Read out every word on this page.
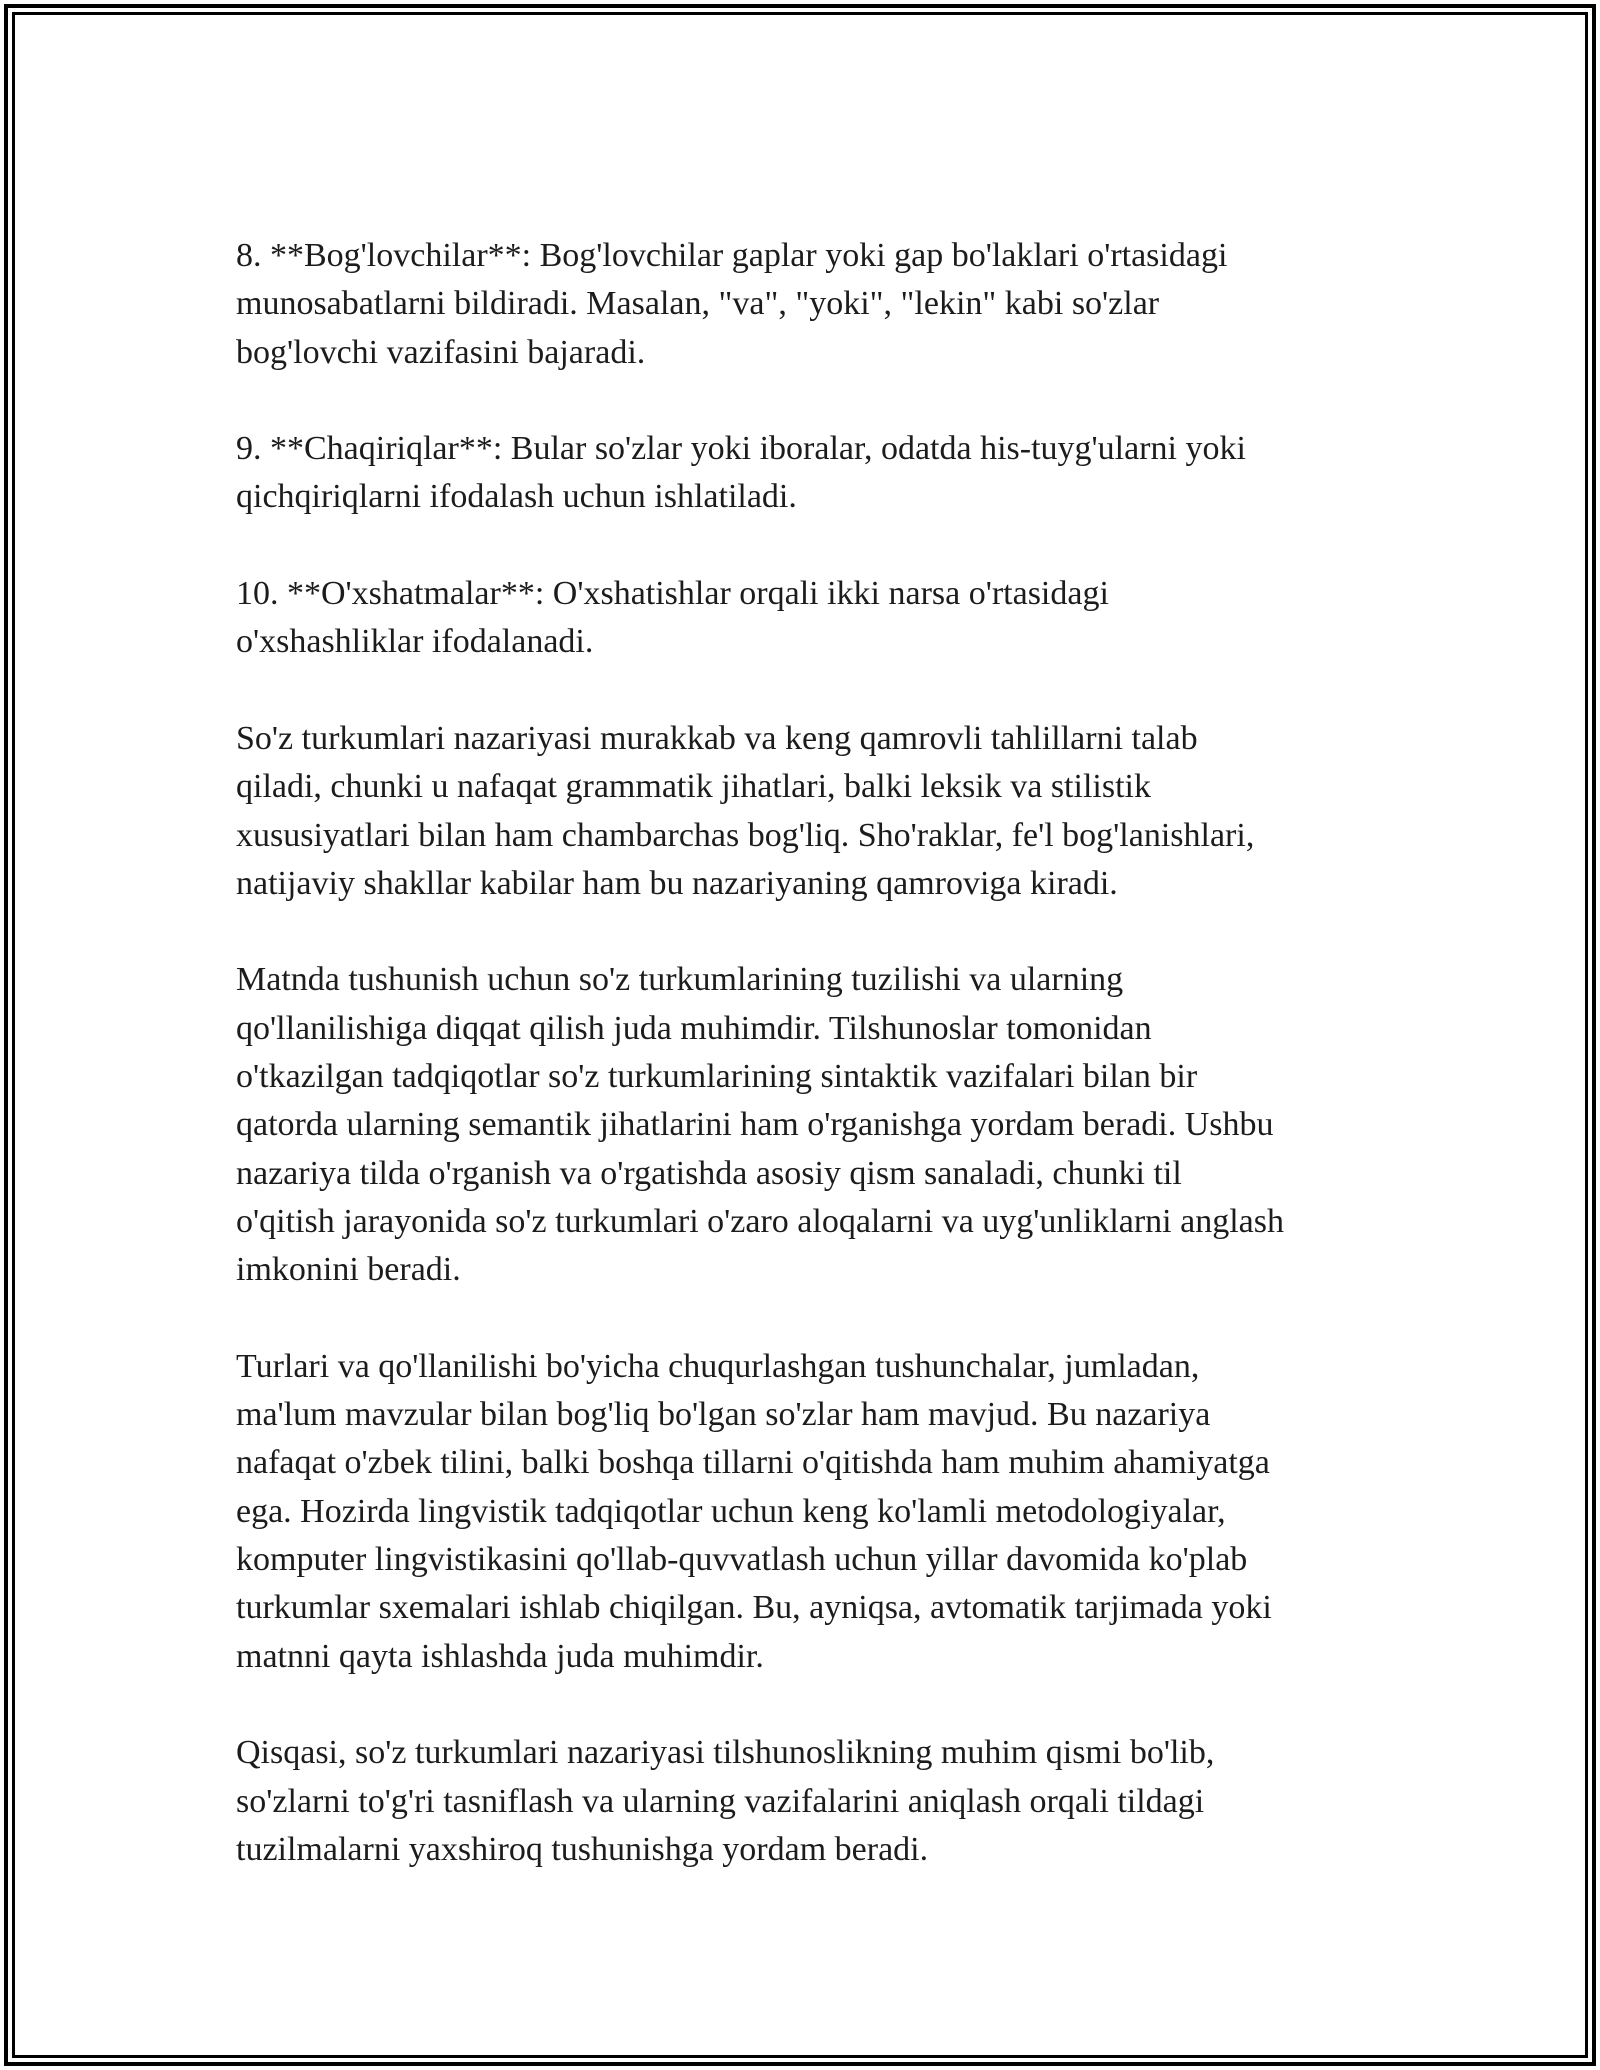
8. **Bog'lovchilar**: Bog'lovchilar gaplar yoki gap bo'laklari o'rtasidagi
munosabatlarni bildiradi. Masalan, "va", "yoki", "lekin" kabi so'zlar
bog'lovchi vazifasini bajaradi.

9. **Chaqiriqlar**: Bular so'zlar yoki iboralar, odatda his-tuyg'ularni yoki
qichqiriqlarni ifodalash uchun ishlatiladi.

10. **O'xshatmalar**: O'xshatishlar orqali ikki narsa o'rtasidagi
o'xshashliklar ifodalanadi.

So'z turkumlari nazariyasi murakkab va keng qamrovli tahlillarni talab
qiladi, chunki u nafaqat grammatik jihatlari, balki leksik va stilistik
xususiyatlari bilan ham chambarchas bog'liq. Sho'raklar, fe'l bog'lanishlari,
natijaviy shakllar kabilar ham bu nazariyaning qamroviga kiradi.

Matnda tushunish uchun so'z turkumlarining tuzilishi va ularning
qo'llanilishiga diqqat qilish juda muhimdir. Tilshunoslar tomonidan
o'tkazilgan tadqiqotlar so'z turkumlarining sintaktik vazifalari bilan bir
qatorda ularning semantik jihatlarini ham o'rganishga yordam beradi. Ushbu
nazariya tilda o'rganish va o'rgatishda asosiy qism sanaladi, chunki til
o'qitish jarayonida so'z turkumlari o'zaro aloqalarni va uyg'unliklarni anglash
imkonini beradi.

Turlari va qo'llanilishi bo'yicha chuqurlashgan tushunchalar, jumladan,
ma'lum mavzular bilan bog'liq bo'lgan so'zlar ham mavjud. Bu nazariya
nafaqat o'zbek tilini, balki boshqa tillarni o'qitishda ham muhim ahamiyatga
ega. Hozirda lingvistik tadqiqotlar uchun keng ko'lamli metodologiyalar,
komputer lingvistikasini qo'llab-quvvatlash uchun yillar davomida ko'plab
turkumlar sxemalari ishlab chiqilgan. Bu, ayniqsa, avtomatik tarjimada yoki
matnni qayta ishlashda juda muhimdir.

Qisqasi, so'z turkumlari nazariyasi tilshunoslikning muhim qismi bo'lib,
so'zlarni to'g'ri tasniflash va ularning vazifalarini aniqlash orqali tildagi
tuzilmalarni yaxshiroq tushunishga yordam beradi.
